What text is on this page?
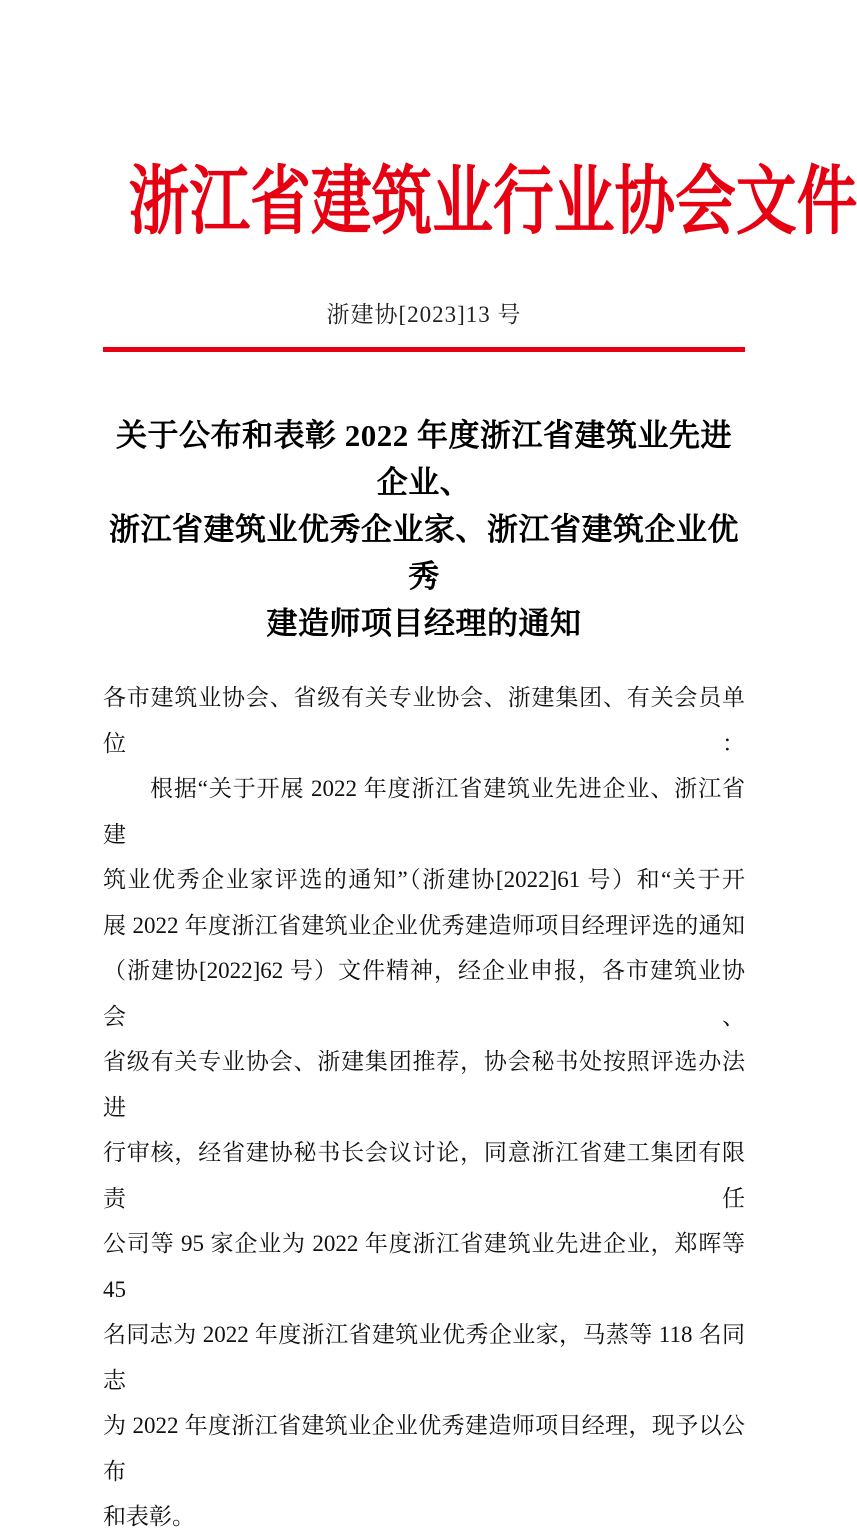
浙江省建筑业行业协会文件
浙建协[2023]13 号
关于公布和表彰 2022 年度浙江省建筑业先进企业、
浙江省建筑业优秀企业家、浙江省建筑企业优秀
建造师项目经理的通知
各市建筑业协会、省级有关专业协会、浙建集团、有关会员单位：
根据“关于开展 2022 年度浙江省建筑业先进企业、浙江省建
筑业优秀企业家评选的通知”（浙建协[2022]61 号）和“关于开
展 2022 年度浙江省建筑业企业优秀建造师项目经理评选的通知
（浙建协[2022]62 号）文件精神，经企业申报，各市建筑业协会、
省级有关专业协会、浙建集团推荐，协会秘书处按照评选办法进
行审核，经省建协秘书长会议讨论，同意浙江省建工集团有限责任
公司等 95 家企业为 2022 年度浙江省建筑业先进企业，郑晖等 45
名同志为 2022 年度浙江省建筑业优秀企业家，马蒸等 118 名同志
为 2022 年度浙江省建筑业企业优秀建造师项目经理，现予以公布
和表彰。
